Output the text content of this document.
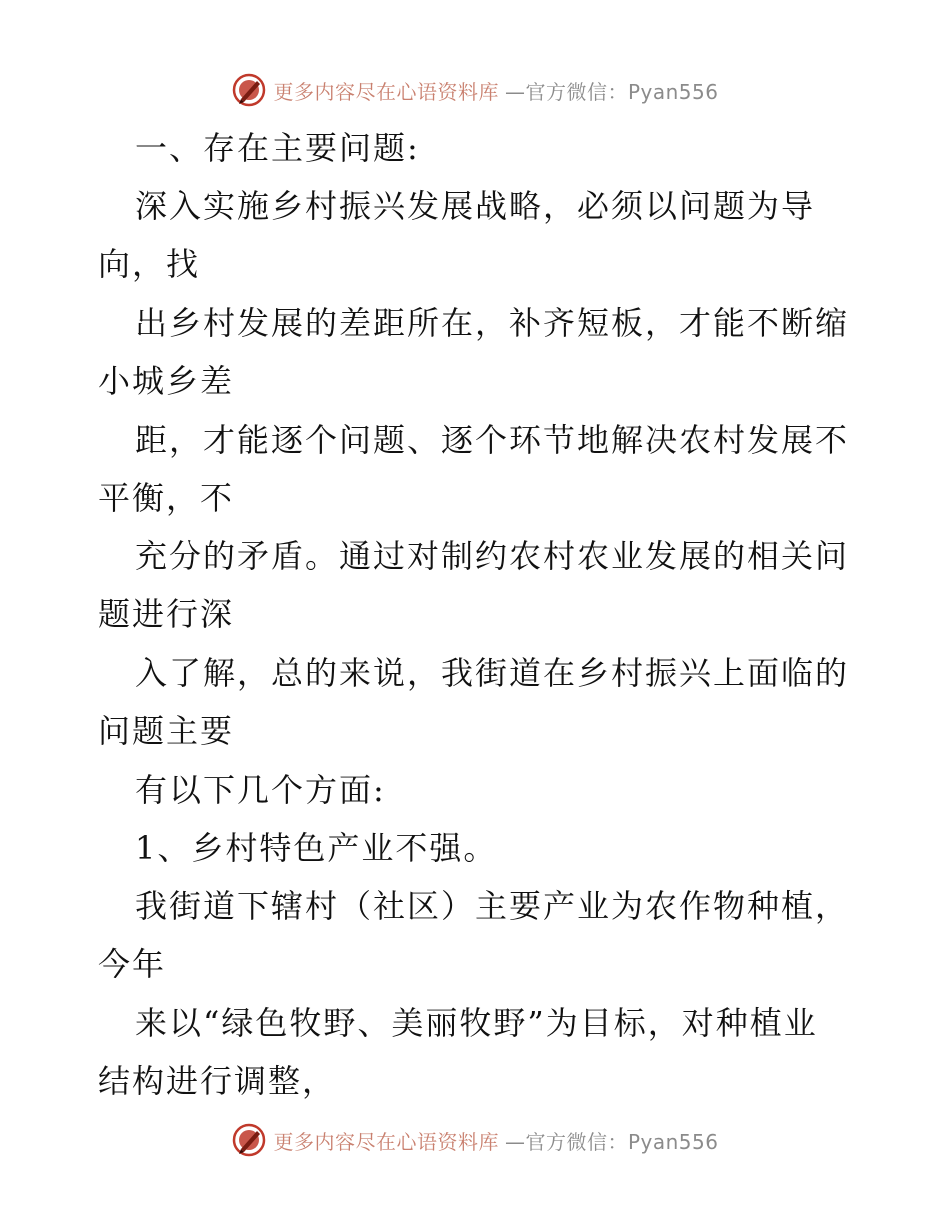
更多内容尽在心语资料库 —官方微信：Pyan556
一、存在主要问题:
深入实施乡村振兴发展战略，必须以问题为导
向，找
出乡村发展的差距所在，补齐短板，才能不断缩
小城乡差
距，才能逐个问题、逐个环节地解决农村发展不
平衡，不
充分的矛盾。通过对制约农村农业发展的相关问
题进行深
入了解，总的来说，我街道在乡村振兴上面临的
问题主要
有以下几个方面:
1、乡村特色产业不强。
我街道下辖村（社区）主要产业为农作物种植，
今年
来以“绿色牧野、美丽牧野”为目标，对种植业
结构进行调整，
更多内容尽在心语资料库 —官方微信：Pyan556
